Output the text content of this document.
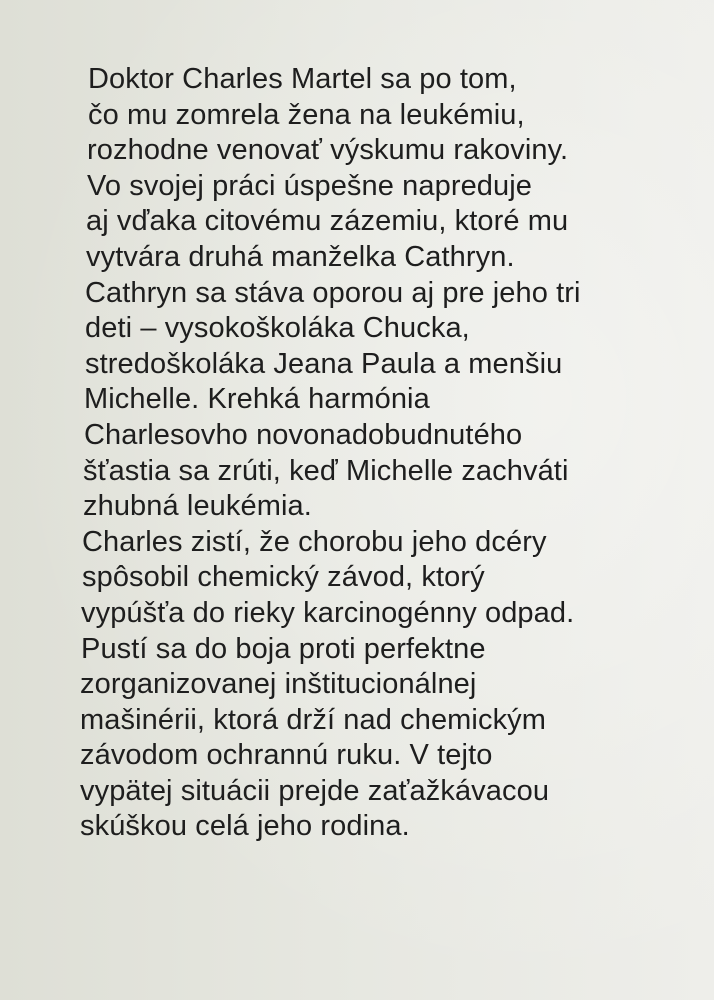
Doktor Charles Martel sa po tom,
čo mu zomrela žena na leukémiu,
rozhodne venovať výskumu rakoviny.
Vo svojej práci úspešne napreduje
aj vďaka citovému zázemiu, ktoré mu
vytvára druhá manželka Cathryn.
Cathryn sa stáva oporou aj pre jeho tri
deti – vysokoškoláka Chucka,
stredoškoláka Jeana Paula a menšiu
Michelle. Krehká harmónia
Charlesovho novonadobudnutého
šťastia sa zrúti, keď Michelle zachváti
zhubná leukémia.
Charles zistí, že chorobu jeho dcéry
spôsobil chemický závod, ktorý
vypúšťa do rieky karcinogénny odpad.
Pustí sa do boja proti perfektne
zorganizovanej inštitucionálnej
mašinérii, ktorá drží nad chemickým
závodom ochrannú ruku. V tejto
vypätej situácii prejde zaťažkávacou
skúškou celá jeho rodina.
